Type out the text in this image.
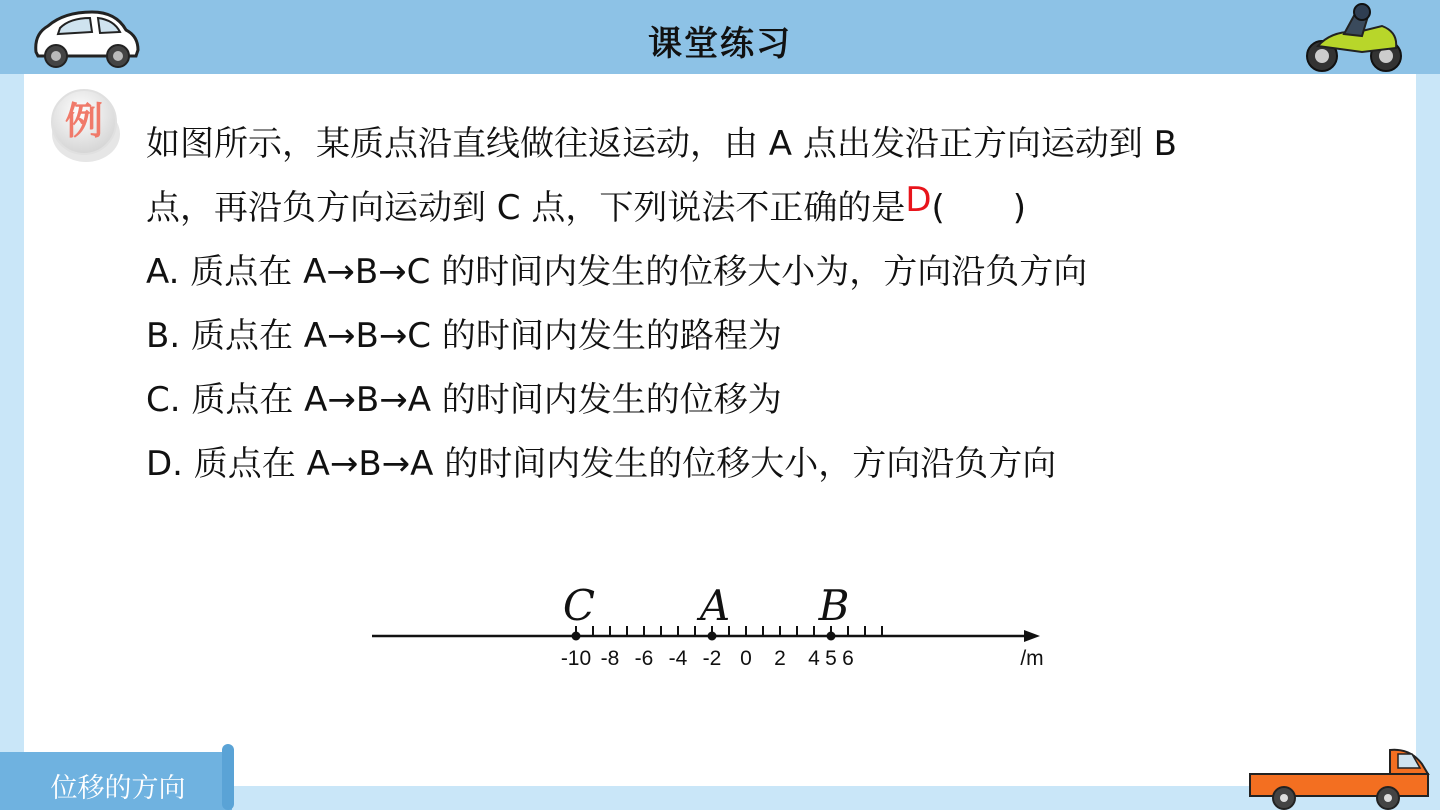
课堂练习
例
如图所示，某质点沿直线做往返运动，由 A 点出发沿正方向运动到 B
点，再沿负方向运动到 C 点，下列说法不正确的是D(　　)
A. 质点在 A→B→C 的时间内发生的位移大小为，方向沿负方向
B. 质点在 A→B→C 的时间内发生的路程为
C. 质点在 A→B→A 的时间内发生的位移为
D. 质点在 A→B→A 的时间内发生的位移大小，方向沿负方向
-10 -8 -6 -4 -2 0 2 4 5 6
C A B
/m
位移的方向
